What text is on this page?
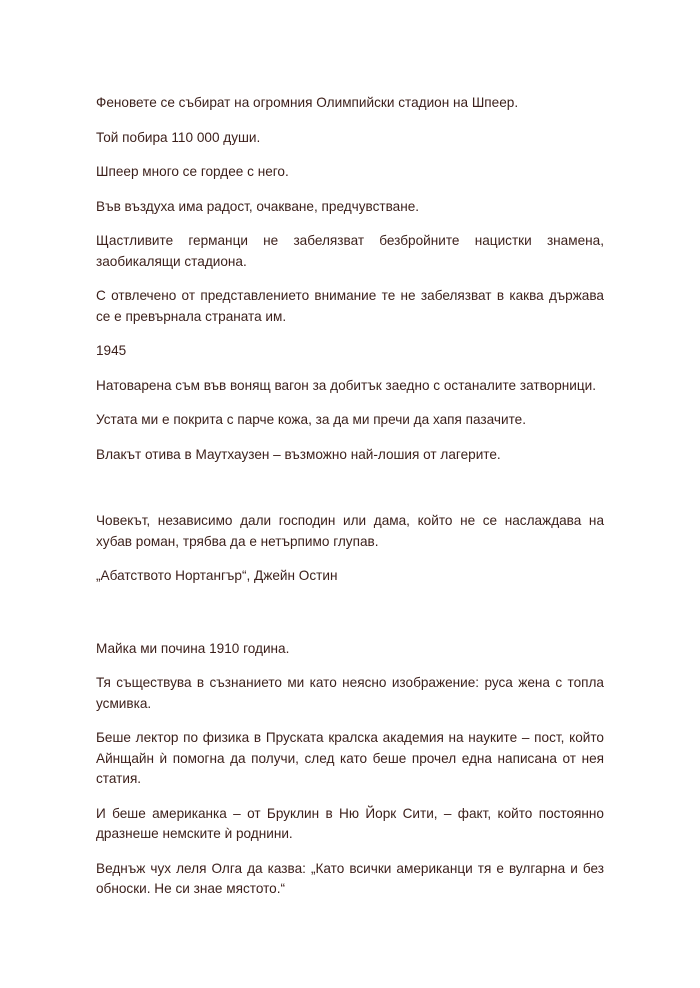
Феновете се събират на огромния Олимпийски стадион на Шпеер.

Той побира 110 000 души.

Шпеер много се гордее с него.

Във въздуха има радост, очакване, предчувстване.

Щастливите германци не забелязват безбройните нацистки знамена, заобикалящи стадиона.

С отвлечено от представлението внимание те не забелязват в каква държава се е превърнала страната им.

1945

Натоварена съм във вонящ вагон за добитък заедно с останалите затворници.

Устата ми е покрита с парче кожа, за да ми пречи да хапя пазачите.

Влакът отива в Маутхаузен – възможно най-лошия от лагерите.

Човекът, независимо дали господин или дама, който не се наслаждава на хубав роман, трябва да е нетърпимо глупав.

„Абатството Нортангър“, Джейн Остин

Майка ми почина 1910 година.

Тя съществува в съзнанието ми като неясно изображение: руса жена с топла усмивка.

Беше лектор по физика в Пруската кралска академия на науките – пост, който Айнщайн ѝ помогна да получи, след като беше прочел една написана от нея статия.

И беше американка – от Бруклин в Ню Йорк Сити, – факт, който постоянно дразнеше немските ѝ роднини.

Веднъж чух леля Олга да казва: „Като всички американци тя е вулгарна и без обноски. Не си знае мястото.“
